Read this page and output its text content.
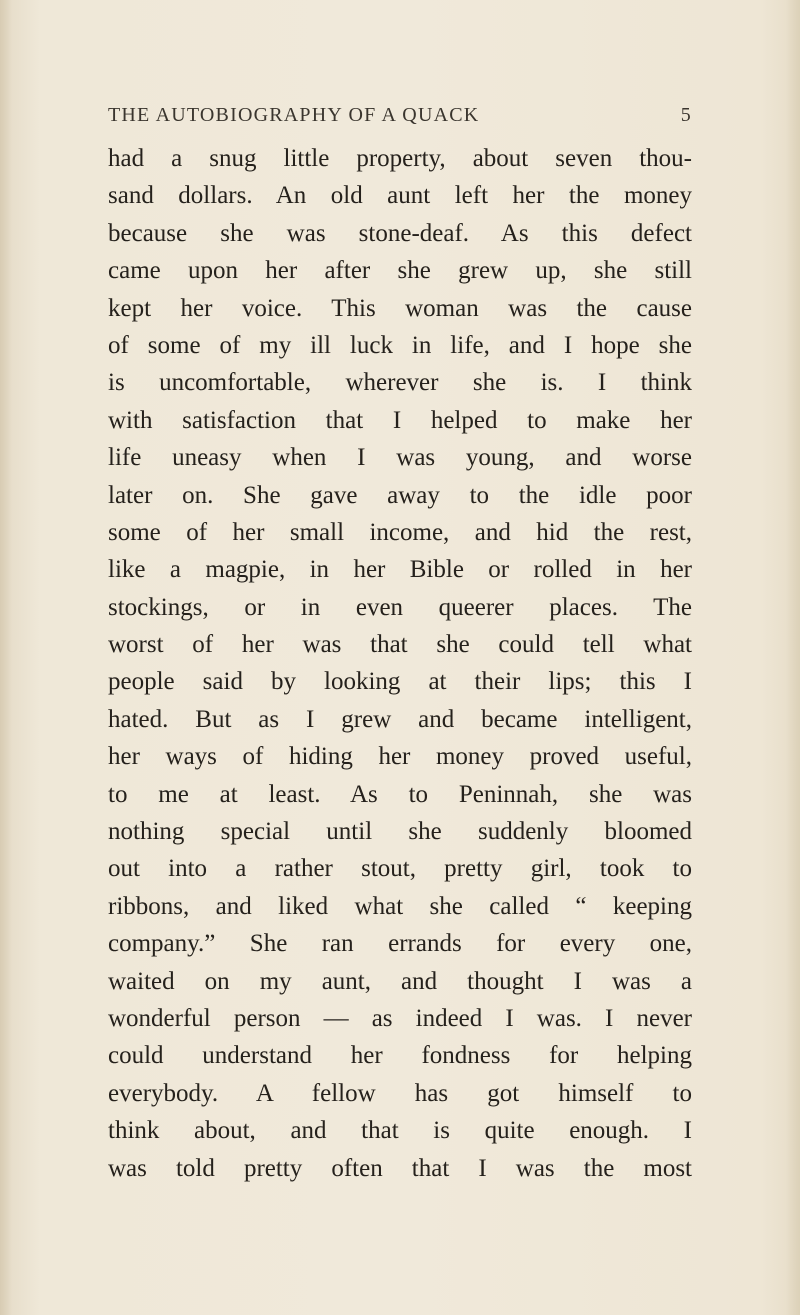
THE AUTOBIOGRAPHY OF A QUACK	5
had a snug little property, about seven thou-
sand dollars. An old aunt left her the money
because she was stone-deaf. As this defect
came upon her after she grew up, she still
kept her voice. This woman was the cause
of some of my ill luck in life, and I hope she
is uncomfortable, wherever she is. I think
with satisfaction that I helped to make her
life uneasy when I was young, and worse
later on. She gave away to the idle poor
some of her small income, and hid the rest,
like a magpie, in her Bible or rolled in her
stockings, or in even queerer places. The
worst of her was that she could tell what
people said by looking at their lips; this I
hated. But as I grew and became intelligent,
her ways of hiding her money proved useful,
to me at least. As to Peninnah, she was
nothing special until she suddenly bloomed
out into a rather stout, pretty girl, took to
ribbons, and liked what she called “ keeping
company.” She ran errands for every one,
waited on my aunt, and thought I was a
wonderful person — as indeed I was. I never
could understand her fondness for helping
everybody. A fellow has got himself to
think about, and that is quite enough. I
was told pretty often that I was the most
